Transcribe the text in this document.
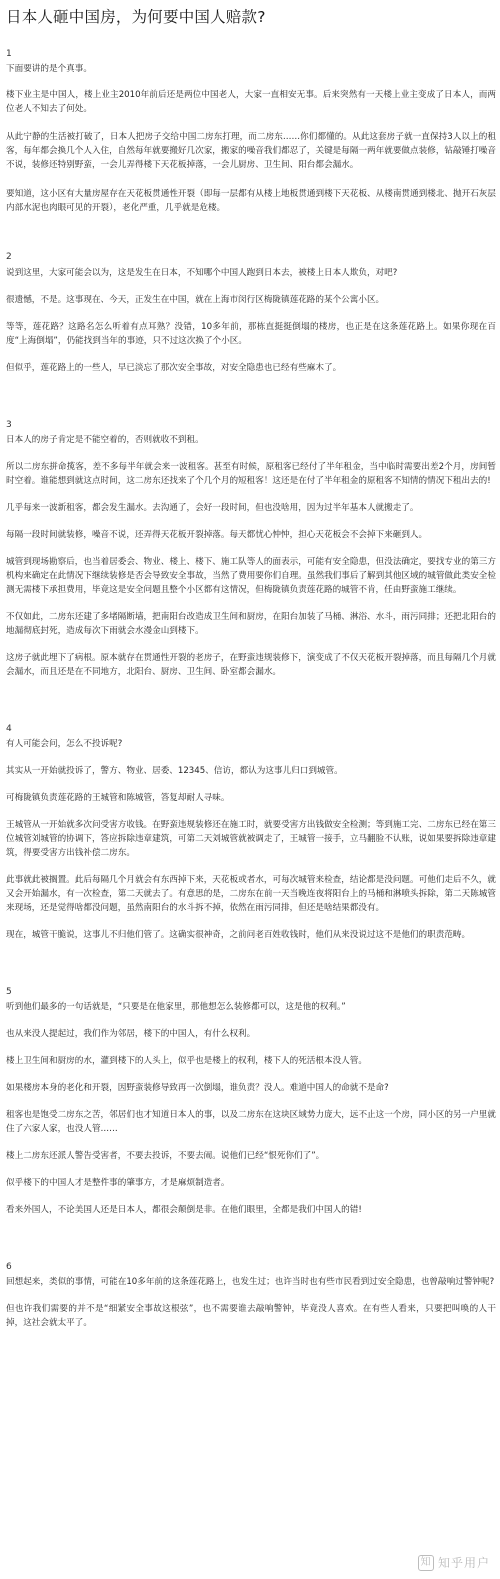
日本人砸中国房，为何要中国人赔款?
1

下面要讲的是个真事。

楼下业主是中国人，楼上业主2010年前后还是两位中国老人，大家一直相安无事。后来突然有一天楼上业主变成了日本人，而两位老人不知去了何处。

从此宁静的生活被打破了，日本人把房子交给中国二房东打理，而二房东……你们都懂的。从此这套房子就一直保持3人以上的租客，每年都会换几个人入住，自然每年就要搬好几次家，搬家的噪音我们都忍了，关键是每隔一两年就要做点装修，钻敲锤打噪音不说，装修还特别野蛮，一会儿弄得楼下天花板掉落，一会儿厨房、卫生间、阳台都会漏水。

要知道，这小区有大量房屋存在天花板贯通性开裂（即每一层都有从楼上地板贯通到楼下天花板、从楼南贯通到楼北、抛开石灰层内部水泥也肉眼可见的开裂），老化严重，几乎就是危楼。

2

说到这里，大家可能会以为，这是发生在日本，不知哪个中国人跑到日本去，被楼上日本人欺负，对吧?

很遗憾，不是。这事现在、今天，正发生在中国，就在上海市闵行区梅陇镇莲花路的某个公寓小区。

等等，莲花路？这路名怎么听着有点耳熟？没错，10多年前，那栋直挺挺倒塌的楼房，也正是在这条莲花路上。如果你现在百度“上海倒塌”，仍能找到当年的事迹，只不过这次换了个小区。

但似乎，莲花路上的一些人，早已淡忘了那次安全事故，对安全隐患也已经有些麻木了。

3

日本人的房子肯定是不能空着的，否则就收不到租。

所以二房东拼命揽客，差不多每半年就会来一波租客。甚至有时候，原租客已经付了半年租金，当中临时需要出差2个月，房间暂时空着。谁能想到就这点时间，这二房东还找来了个几个月的短租客！这还是在付了半年租金的原租客不知情的情况下租出去的!

几乎每来一波新租客，都会发生漏水。去沟通了，会好一段时间，但也没啥用，因为过半年基本人就搬走了。

每隔一段时间就装修，噪音不说，还弄得天花板开裂掉落。每天都忧心忡忡，担心天花板会不会掉下来砸到人。

城管到现场勘察后，也当着居委会、物业、楼上、楼下、施工队等人的面表示，可能有安全隐患，但没法确定，要找专业的第三方机构来确定在此情况下继续装修是否会导致安全事故，当然了费用要你们自理。虽然我们事后了解到其他区域的城管做此类安全检测无需楼下承担费用，毕竟这是安全问题且整个小区都有这情况，但梅陇镇负责莲花路的城管不肯，任由野蛮施工继续。

不仅如此，二房东还建了多堵隔断墙，把南阳台改造成卫生间和厨房，在阳台加装了马桶、淋浴、水斗，雨污同排；还把北阳台的地漏彻底封死，造成每次下雨就会水漫金山到楼下。

这房子就此埋下了病根。原本就存在贯通性开裂的老房子，在野蛮违规装修下，演变成了不仅天花板开裂掉落，而且每隔几个月就会漏水，而且还是在不同地方，北阳台、厨房、卫生间、卧室都会漏水。

4

有人可能会问，怎么不投诉呢?

其实从一开始就投诉了，警方、物业、居委、12345、信访，都认为这事儿归口到城管。

可梅陇镇负责莲花路的王城管和陈城管，答复却耐人寻味。

王城管从一开始就多次问受害方收钱。在野蛮违规装修还在施工时，就要受害方出钱做安全检测；等到施工完、二房东已经在第三位城管刘城管的协调下，答应拆除违章建筑，可第二天刘城管就被调走了，王城管一接手，立马翻脸不认账，说如果要拆除违章建筑，得要受害方出钱补偿二房东。

此事就此被搁置。此后每隔几个月就会有东西掉下来，天花板或者水，可每次城管来检查，结论都是没问题。可他们走后不久，就又会开始漏水，有一次检查，第二天就去了。有意思的是，二房东在前一天当晚连夜将阳台上的马桶和淋喷头拆除，第二天陈城管来现场，还是觉得啥都没问题，虽然南阳台的水斗拆不掉，依然在雨污同排，但还是啥结果都没有。

现在，城管干脆说，这事儿不归他们管了。这确实很神奇，之前问老百姓收钱时，他们从来没说过这不是他们的职责范畴。

5

听到他们最多的一句话就是，“只要是在他家里，那他想怎么装修都可以，这是他的权利。”

也从来没人提起过，我们作为邻居，楼下的中国人，有什么权利。

楼上卫生间和厨房的水，灌到楼下的人头上，似乎也是楼上的权利，楼下人的死活根本没人管。

如果楼房本身的老化和开裂，因野蛮装修导致再一次倒塌，谁负责？没人。难道中国人的命就不是命?

租客也是饱受二房东之苦，邻居们也才知道日本人的事，以及二房东在这块区域势力庞大，远不止这一个房，同小区的另一户里就住了六家人家，也没人管……

楼上二房东还派人警告受害者，不要去投诉，不要去闹。说他们已经“恨死你们了”。

似乎楼下的中国人才是整件事的肇事方，才是麻烦制造者。

看来外国人，不论美国人还是日本人，都很会颠倒是非。在他们眼里，全都是我们中国人的错!

6

回想起来，类似的事情，可能在10多年前的这条莲花路上，也发生过；也许当时也有些市民看到过安全隐患，也曾敲响过警钟呢?

但也许我们需要的并不是“细紧安全事故这根弦”，也不需要谁去敲响警钟，毕竟没人喜欢。在有些人看来，只要把叫唤的人干掉，这社会就太平了。

知 知乎用户
